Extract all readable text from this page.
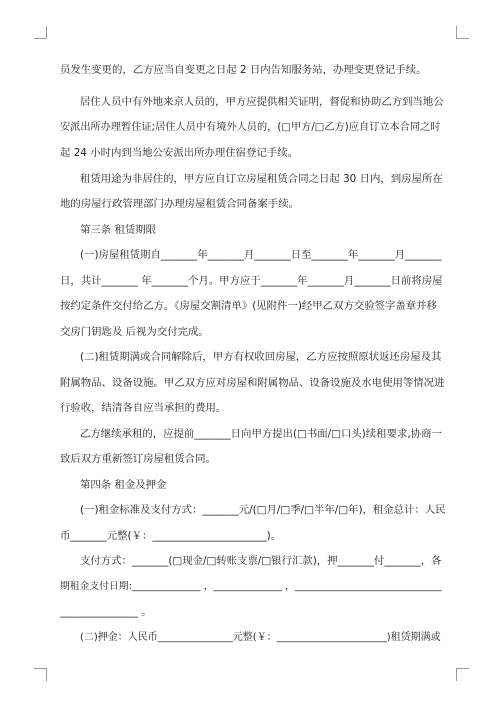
员发生变更的，乙方应当自变更之日起 2 日内告知服务站，办理变更登记手续。
居住人员中有外地来京人员的，甲方应提供相关证明，督促和协助乙方到当地公
安派出所办理暂住证;居住人员中有境外人员的，(□甲方/□乙方)应自订立本合同之时
起 24 小时内到当地公安派出所办理住宿登记手续。
租赁用途为非居住的，甲方应自订立房屋租赁合同之日起 30 日内，到房屋所在
地的房屋行政管理部门办理房屋租赁合同备案手续。
第三条 租赁期限
(一)房屋租赁期自_______年_______月_______日至_______年_______月_______
日，共计_______ 年_______个月。甲方应于_______年_______月_______日前将房屋
按约定条件交付给乙方。《房屋交割清单》(见附件一)经甲乙双方交验签字盖章并移
交房门钥匙及 后视为交付完成。
(二)租赁期满或合同解除后，甲方有权收回房屋，乙方应按照原状返还房屋及其
附属物品、设备设施。甲乙双方应对房屋和附属物品、设备设施及水电使用等情况进
行验收，结清各自应当承担的费用。
乙方继续承租的，应提前_______日向甲方提出(□书面/□口头)续租要求,协商一
致后双方重新签订房屋租赁合同。
第四条 租金及押金
(一)租金标准及支付方式：_______元/(□月/□季/□半年/□年)，租金总计：人民
币_______元整(￥：______________________)。
支付方式：_______(□现金/□转账支票/□银行汇款)，押_______付_______，各
期租金支付日期:______________ ，______________ ，______________________________
_______________ 。
(二)押金：人民币_______________元整(￥：______________________)租赁期满或
